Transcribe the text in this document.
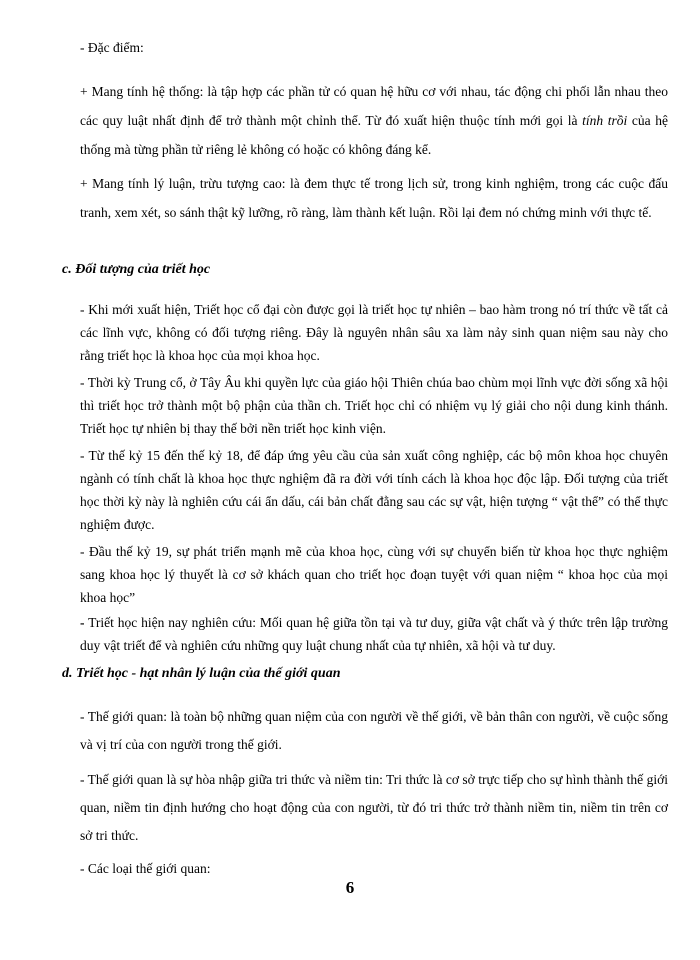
- Đặc điểm:

+ Mang tính hệ thống: là tập hợp các phần tử có quan hệ hữu cơ với nhau, tác động chi phối lẫn nhau theo các quy luật nhất định để trở thành một chỉnh thể. Từ đó xuất hiện thuộc tính mới gọi là tính trồi của hệ thống mà từng phần tử riêng lẻ không có hoặc có không đáng kể.

+ Mang tính lý luận, trừu tượng cao: là đem thực tế trong lịch sử, trong kinh nghiệm, trong các cuộc đấu tranh, xem xét, so sánh thật kỹ lưỡng, rõ ràng, làm thành kết luận. Rồi lại đem nó chứng minh với thực tế.

c. Đối tượng của triết học

- Khi mới xuất hiện, Triết học cổ đại còn được gọi là triết học tự nhiên – bao hàm trong nó trí thức về tất cả các lĩnh vực, không có đối tượng riêng. Đây là nguyên nhân sâu xa làm nảy sinh quan niệm sau này cho rằng triết học là khoa học của mọi khoa học.

- Thời kỳ Trung cổ, ở Tây Âu khi quyền lực của giáo hội Thiên chúa bao chùm mọi lĩnh vực đời sống xã hội thì triết học trở thành một bộ phận của thần ch. Triết học chỉ có nhiệm vụ lý giải cho nội dung kinh thánh. Triết học tự nhiên bị thay thế bởi nền triết học kinh viện.

- Từ thế kỷ 15 đến thế kỷ 18, để đáp ứng yêu cầu của sản xuất công nghiệp, các bộ môn khoa học chuyên ngành có tính chất là khoa học thực nghiệm đã ra đời với tính cách là khoa học độc lập. Đối tượng của triết học thời kỳ này là nghiên cứu cái ẩn dấu, cái bản chất đằng sau các sự vật, hiện tượng “ vật thể” có thể thực nghiệm được.

- Đầu thế kỷ 19, sự phát triển mạnh mẽ của khoa học, cùng với sự chuyển biến từ khoa học thực nghiệm sang khoa học lý thuyết là cơ sở khách quan cho triết học đoạn tuyệt với quan niệm “ khoa học của mọi khoa học”

- Triết học hiện nay nghiên cứu: Mối quan hệ giữa tồn tại và tư duy, giữa vật chất và ý thức trên lập trường duy vật triết để và nghiên cứu những quy luật chung nhất của tự nhiên, xã hội và tư duy.

d. Triết học - hạt nhân lý luận của thế giới quan

- Thế giới quan: là toàn bộ những quan niệm của con người về thế giới, về bản thân con người, về cuộc sống và vị trí của con người trong thế giới.

- Thế giới quan là sự hòa nhập giữa tri thức và niềm tin: Tri thức là cơ sở trực tiếp cho sự hình thành thế giới quan, niềm tin định hướng cho hoạt động của con người, từ đó tri thức trở thành niềm tin, niềm tin trên cơ sở tri thức.

- Các loại thế giới quan:

6
